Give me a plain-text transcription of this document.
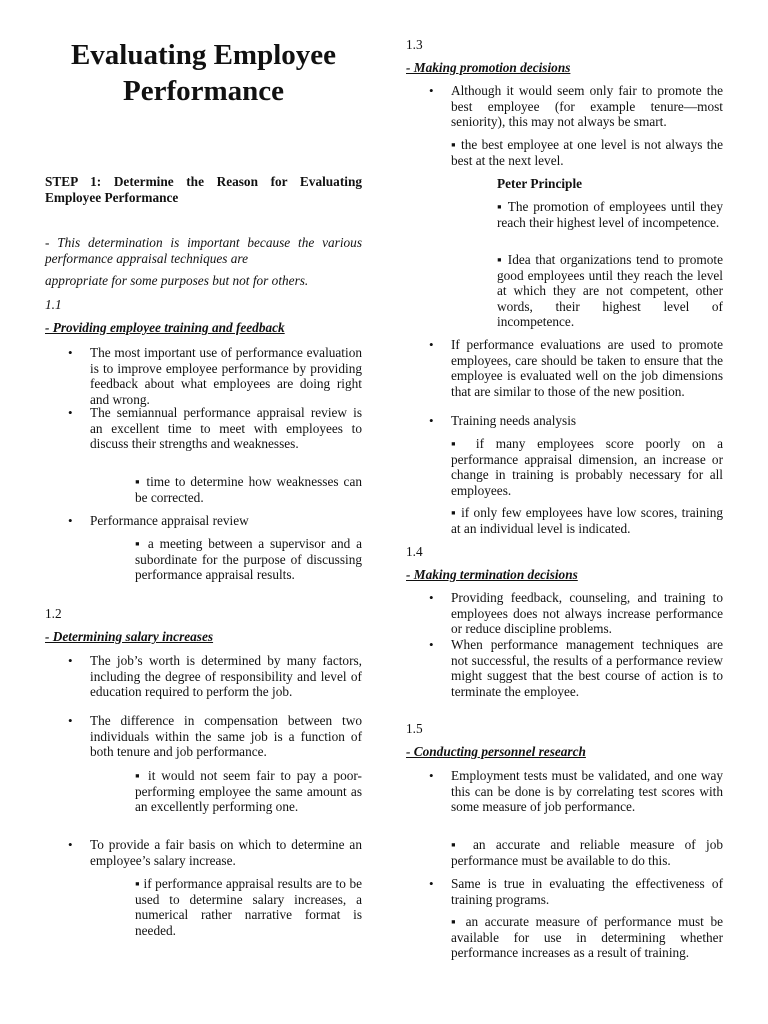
Evaluating Employee Performance
STEP 1: Determine the Reason for Evaluating Employee Performance
- This determination is important because the various performance appraisal techniques are
appropriate for some purposes but not for others.
1.1
- Providing employee training and feedback
• The most important use of performance evaluation is to improve employee performance by providing feedback about what employees are doing right and wrong.
• The semiannual performance appraisal review is an excellent time to meet with employees to discuss their strengths and weaknesses.
▪ time to determine how weaknesses can be corrected.
• Performance appraisal review
▪ a meeting between a supervisor and a subordinate for the purpose of discussing performance appraisal results.
1.2
- Determining salary increases
• The job’s worth is determined by many factors, including the degree of responsibility and level of education required to perform the job.
• The difference in compensation between two individuals within the same job is a function of both tenure and job performance.
▪ it would not seem fair to pay a poor-performing employee the same amount as an excellently performing one.
• To provide a fair basis on which to determine an employee’s salary increase.
▪ if performance appraisal results are to be used to determine salary increases, a numerical rather narrative format is needed.
1.3
- Making promotion decisions
• Although it would seem only fair to promote the best employee (for example tenure—most seniority), this may not always be smart.
▪ the best employee at one level is not always the best at the next level.
Peter Principle
▪ The promotion of employees until they reach their highest level of incompetence.
▪ Idea that organizations tend to promote good employees until they reach the level at which they are not competent, other words, their highest level of incompetence.
• If performance evaluations are used to promote employees, care should be taken to ensure that the employee is evaluated well on the job dimensions that are similar to those of the new position.
• Training needs analysis
▪ if many employees score poorly on a performance appraisal dimension, an increase or change in training is probably necessary for all employees.
▪ if only few employees have low scores, training at an individual level is indicated.
1.4
- Making termination decisions
• Providing feedback, counseling, and training to employees does not always increase performance or reduce discipline problems.
• When performance management techniques are not successful, the results of a performance review might suggest that the best course of action is to terminate the employee.
1.5
- Conducting personnel research
• Employment tests must be validated, and one way this can be done is by correlating test scores with some measure of job performance.
▪ an accurate and reliable measure of job performance must be available to do this.
• Same is true in evaluating the effectiveness of training programs.
▪ an accurate measure of performance must be available for use in determining whether performance increases as a result of training.
